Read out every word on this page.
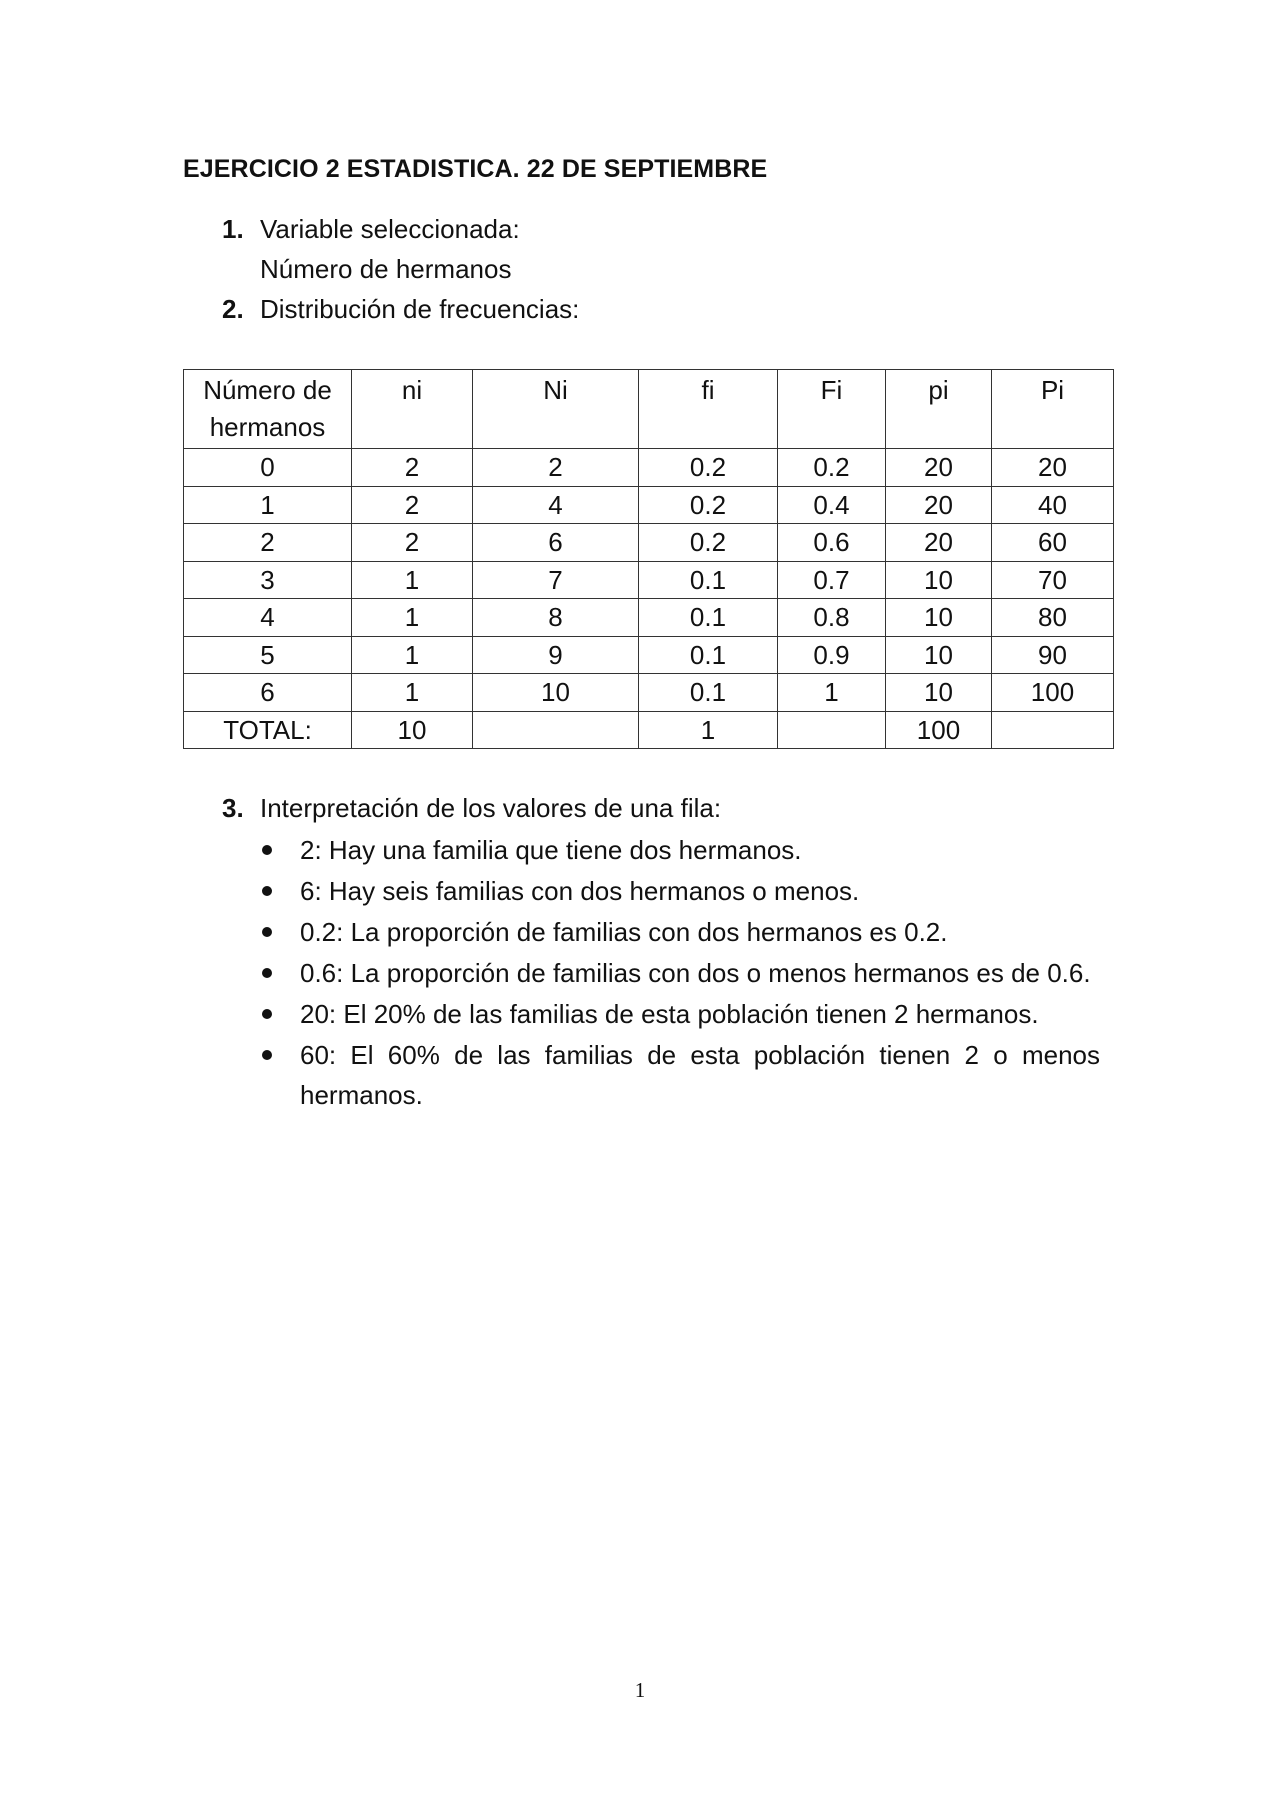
EJERCICIO 2 ESTADISTICA. 22 DE SEPTIEMBRE
1. Variable seleccionada:
Número de hermanos
2. Distribución de frecuencias:
Número de hermanos	ni	Ni	fi	Fi	pi	Pi
0	2	2	0.2	0.2	20	20
1	2	4	0.2	0.4	20	40
2	2	6	0.2	0.6	20	60
3	1	7	0.1	0.7	10	70
4	1	8	0.1	0.8	10	80
5	1	9	0.1	0.9	10	90
6	1	10	0.1	1	10	100
TOTAL:	10		1		100	
3. Interpretación de los valores de una fila:
2: Hay una familia que tiene dos hermanos.
6: Hay seis familias con dos hermanos o menos.
0.2: La proporción de familias con dos hermanos es 0.2.
0.6: La proporción de familias con dos o menos hermanos es de 0.6.
20: El 20% de las familias de esta población tienen 2 hermanos.
60: El 60% de las familias de esta población tienen 2 o menos hermanos.
1
